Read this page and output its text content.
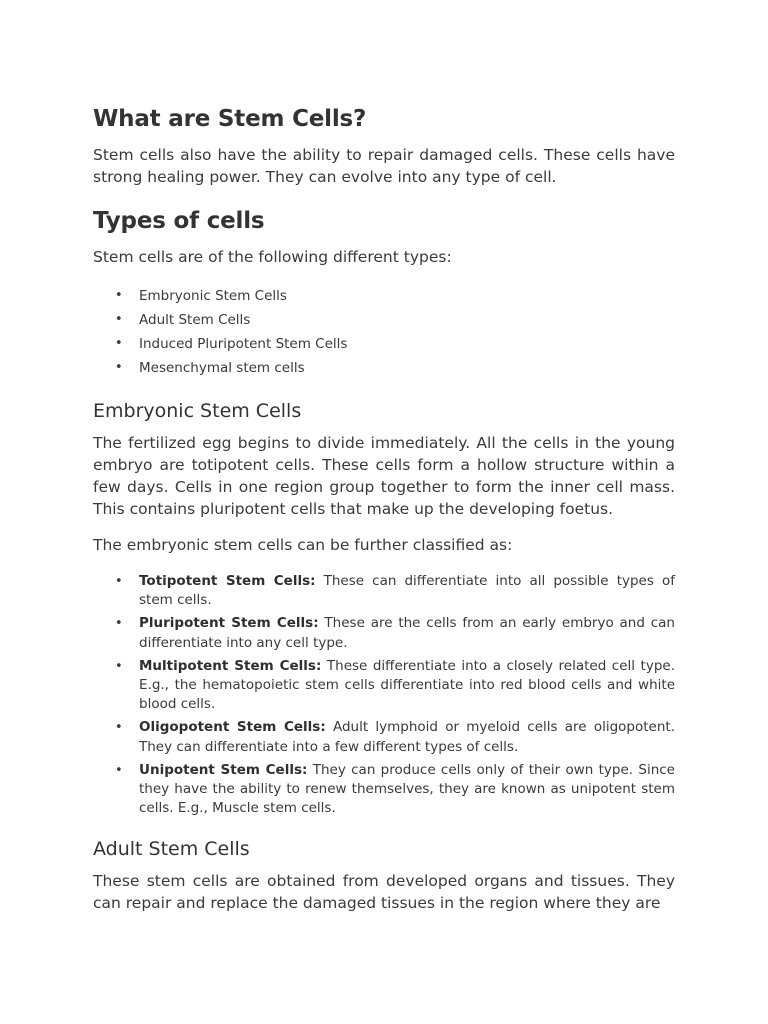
What are Stem Cells?

Stem cells also have the ability to repair damaged cells. These cells have strong healing power. They can evolve into any type of cell.

Types of cells

Stem cells are of the following different types:

• Embryonic Stem Cells
• Adult Stem Cells
• Induced Pluripotent Stem Cells
• Mesenchymal stem cells
Embryonic Stem Cells

The fertilized egg begins to divide immediately. All the cells in the young embryo are totipotent cells. These cells form a hollow structure within a few days. Cells in one region group together to form the inner cell mass. This contains pluripotent cells that make up the developing foetus.

The embryonic stem cells can be further classified as:

• Totipotent Stem Cells: These can differentiate into all possible types of stem cells.
• Pluripotent Stem Cells: These are the cells from an early embryo and can differentiate into any cell type.
• Multipotent Stem Cells: These differentiate into a closely related cell type. E.g., the hematopoietic stem cells differentiate into red blood cells and white blood cells.
• Oligopotent Stem Cells: Adult lymphoid or myeloid cells are oligopotent. They can differentiate into a few different types of cells.
• Unipotent Stem Cells: They can produce cells only of their own type. Since they have the ability to renew themselves, they are known as unipotent stem cells. E.g., Muscle stem cells.
Adult Stem Cells

These stem cells are obtained from developed organs and tissues. They can repair and replace the damaged tissues in the region where they are
